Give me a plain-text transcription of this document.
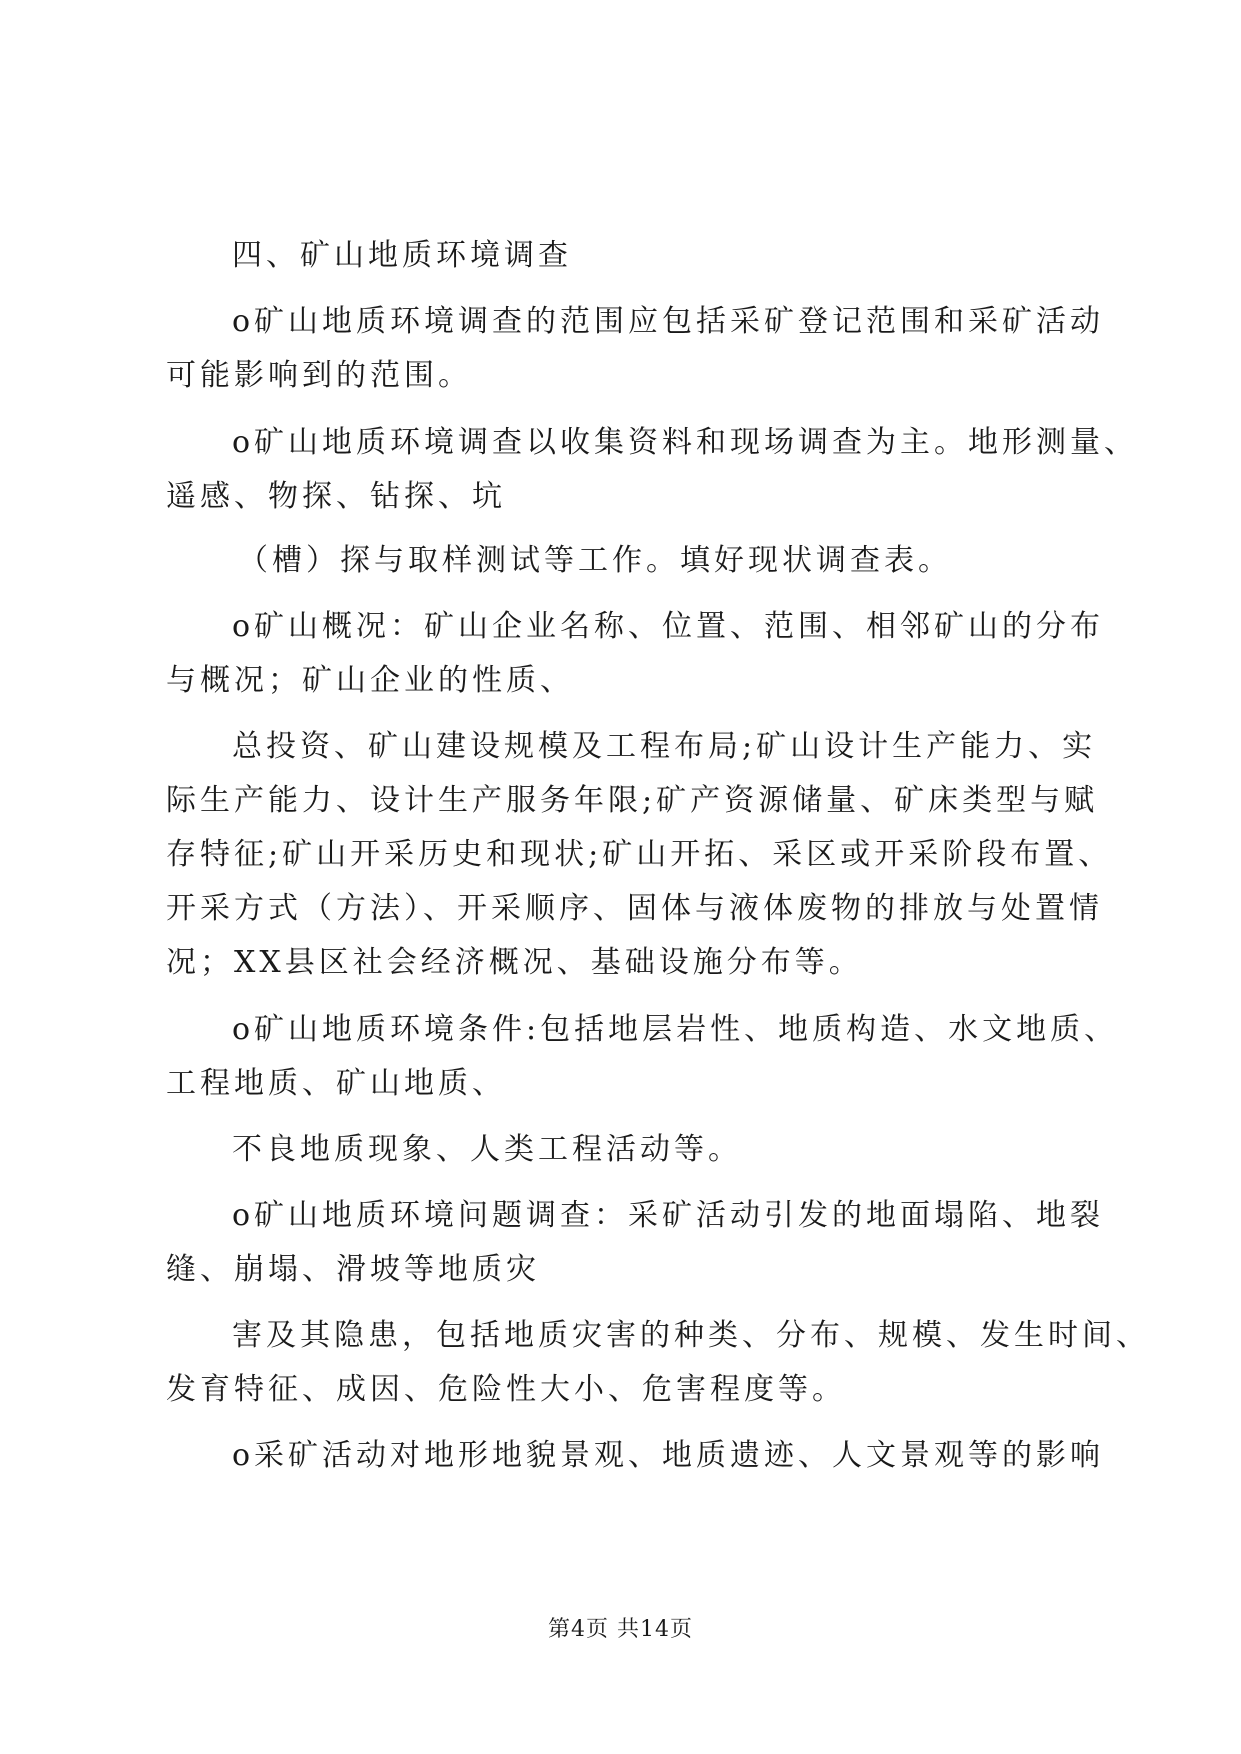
四、矿山地质环境调查
o矿山地质环境调查的范围应包括采矿登记范围和采矿活动
可能影响到的范围。
o矿山地质环境调查以收集资料和现场调查为主。地形测量、
遥感、物探、钻探、坑
（槽）探与取样测试等工作。填好现状调查表。
o矿山概况：矿山企业名称、位置、范围、相邻矿山的分布
与概况；矿山企业的性质、
总投资、矿山建设规模及工程布局;矿山设计生产能力、实
际生产能力、设计生产服务年限;矿产资源储量、矿床类型与赋
存特征;矿山开采历史和现状;矿山开拓、采区或开采阶段布置、
开采方式（方法）、开采顺序、固体与液体废物的排放与处置情
况；XX县区社会经济概况、基础设施分布等。
o矿山地质环境条件:包括地层岩性、地质构造、水文地质、
工程地质、矿山地质、
不良地质现象、人类工程活动等。
o矿山地质环境问题调查：采矿活动引发的地面塌陷、地裂
缝、崩塌、滑坡等地质灾
害及其隐患，包括地质灾害的种类、分布、规模、发生时间、
发育特征、成因、危险性大小、危害程度等。
o采矿活动对地形地貌景观、地质遗迹、人文景观等的影响
第4页 共14页
